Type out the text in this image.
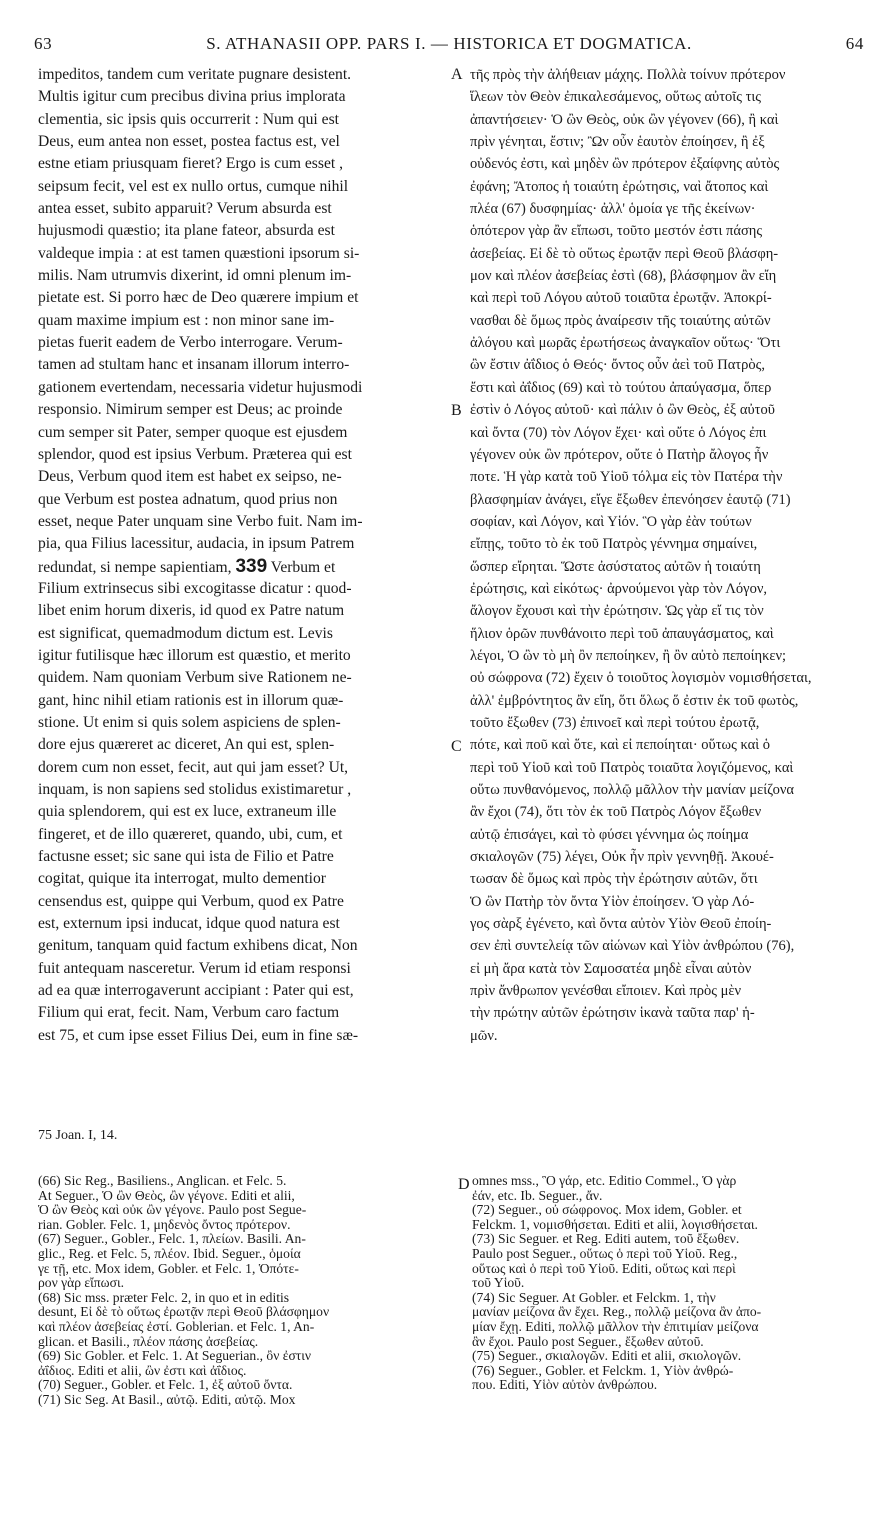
63	S. ATHANASII OPP. PARS I. — HISTORICA ET DOGMATICA.	64
impeditos, tandem cum veritate pugnare desistent.
Multis igitur cum precibus divina prius implorata
clementia, sic ipsis quis occurrerit : Num qui est
Deus, eum antea non esset, postea factus est, vel
estne etiam priusquam fieret? Ergo is cum esset ,
seipsum fecit, vel est ex nullo ortus, cumque nihil
antea esset, subito apparuit? Verum absurda est
hujusmodi quæstio; ita plane fateor, absurda est
valdeque impia : at est tamen quæstioni ipsorum si-
milis. Nam utrumvis dixerint, id omni plenum im-
pietate est. Si porro hæc de Deo quærere impium et
quam maxime impium est : non minor sane im-
pietas fuerit eadem de Verbo interrogare. Verum-
tamen ad stultam hanc et insanam illorum interro-
gationem evertendam, necessaria videtur hujusmodi
responsio. Nimirum semper est Deus; ac proinde
cum semper sit Pater, semper quoque est ejusdem
splendor, quod est ipsius Verbum. Præterea qui est
Deus, Verbum quod item est habet ex seipso, ne-
que Verbum est postea adnatum, quod prius non
esset, neque Pater unquam sine Verbo fuit. Nam im-
pia, qua Filius lacessitur, audacia, in ipsum Patrem
redundat, si nempe sapientiam, 339 Verbum et
Filium extrinsecus sibi excogitasse dicatur : quod-
libet enim horum dixeris, id quod ex Patre natum
est significat, quemadmodum dictum est. Levis
igitur futilisque hæc illorum est quæstio, et merito
quidem. Nam quoniam Verbum sive Rationem ne-
gant, hinc nihil etiam rationis est in illorum quæ-
stione. Ut enim si quis solem aspiciens de splen-
dore ejus quæreret ac diceret, An qui est, splen-
dorem cum non esset, fecit, aut qui jam esset? Ut,
inquam, is non sapiens sed stolidus existimaretur ,
quia splendorem, qui est ex luce, extraneum ille
fingeret, et de illo quæreret, quando, ubi, cum, et
factusne esset; sic sane qui ista de Filio et Patre
cogitat, quique ita interrogat, multo dementior
censendus est, quippe qui Verbum, quod ex Patre
est, externum ipsi inducat, idque quod natura est
genitum, tanquam quid factum exhibens dicat, Non
fuit antequam nasceretur. Verum id etiam responsi
ad ea quæ interrogaverunt accipiant : Pater qui est,
Filium qui erat, fecit. Nam, Verbum caro factum
est 75, et cum ipse esset Filius Dei, eum in fine sæ-
τῆς πρὸς τὴν ἀλήθειαν μάχης. Πολλὰ τοίνυν πρότερον
ἵλεων τὸν Θεὸν ἐπικαλεσάμενος, οὕτως αὐτοῖς τις
ἀπαντήσειεν· Ὁ ὢν Θεὸς, οὐκ ὢν γέγονεν (66), ἢ καὶ
πρὶν γένηται, ἔστιν; Ὢν οὖν ἑαυτὸν ἐποίησεν, ἢ ἐξ
οὐδενός ἐστι, καὶ μηδὲν ὢν πρότερον ἐξαίφνης αὐτὸς
ἐφάνη; Ἄτοπος ἡ τοιαύτη ἐρώτησις, ναὶ ἄτοπος καὶ
πλέα (67) δυσφημίας· ἀλλ' ὁμοία γε τῆς ἐκείνων·
ὁπότερον γὰρ ἂν εἴπωσι, τοῦτο μεστόν ἐστι πάσης
ἀσεβείας. Εἰ δὲ τὸ οὕτως ἐρωτᾷν περὶ Θεοῦ βλάσφη-
μον καὶ πλέον ἀσεβείας ἐστὶ (68), βλάσφημον ἂν εἴη
καὶ περὶ τοῦ Λόγου αὐτοῦ τοιαῦτα ἐρωτᾷν. Ἀποκρί-
νασθαι δὲ ὅμως πρὸς ἀναίρεσιν τῆς τοιαύτης αὐτῶν
ἀλόγου καὶ μωρᾶς ἐρωτήσεως ἀναγκαῖον οὕτως· Ὅτι
ὢν ἔστιν ἀΐδιος ὁ Θεός· ὄντος οὖν ἀεὶ τοῦ Πατρὸς,
ἔστι καὶ ἀΐδιος (69) καὶ τὸ τούτου ἀπαύγασμα, ὅπερ
ἐστὶν ὁ Λόγος αὐτοῦ· καὶ πάλιν ὁ ὢν Θεὸς, ἐξ αὐτοῦ
καὶ ὄντα (70) τὸν Λόγον ἔχει· καὶ οὔτε ὁ Λόγος ἐπι
γέγονεν οὐκ ὢν πρότερον, οὔτε ὁ Πατὴρ ἄλογος ἦν
ποτε. Ἡ γὰρ κατὰ τοῦ Υἱοῦ τόλμα εἰς τὸν Πατέρα τὴν
βλασφημίαν ἀνάγει, εἴγε ἔξωθεν ἐπενόησεν ἑαυτῷ (71)
σοφίαν, καὶ Λόγον, καὶ Υἱόν. Ὃ γὰρ ἐὰν τούτων
εἴπῃς, τοῦτο τὸ ἐκ τοῦ Πατρὸς γέννημα σημαίνει,
ὥσπερ εἴρηται. Ὥστε ἀσύστατος αὐτῶν ἡ τοιαύτη
ἐρώτησις, καὶ εἰκότως· ἀρνούμενοι γὰρ τὸν Λόγον,
ἄλογον ἔχουσι καὶ τὴν ἐρώτησιν. Ὡς γὰρ εἴ τις τὸν
ἥλιον ὁρῶν πυνθάνοιτο περὶ τοῦ ἀπαυγάσματος, καὶ
λέγοι, Ὁ ὢν τὸ μὴ ὂν πεποίηκεν, ἢ ὂν αὐτὸ πεποίηκεν;
οὐ σώφρονα (72) ἔχειν ὁ τοιοῦτος λογισμὸν νομισθήσεται,
ἀλλ' ἐμβρόντητος ἂν εἴη, ὅτι ὅλως ὅ ἐστιν ἐκ τοῦ φωτὸς,
τοῦτο ἔξωθεν (73) ἐπινοεῖ καὶ περὶ τούτου ἐρωτᾷ,
πότε, καὶ ποῦ καὶ ὅτε, καὶ εἰ πεποίηται· οὕτως καὶ ὁ
περὶ τοῦ Υἱοῦ καὶ τοῦ Πατρὸς τοιαῦτα λογιζόμενος, καὶ
οὕτω πυνθανόμενος, πολλῷ μᾶλλον τὴν μανίαν μείζονα
ἂν ἔχοι (74), ὅτι τὸν ἐκ τοῦ Πατρὸς Λόγον ἔξωθεν
αὐτῷ ἐπισάγει, καὶ τὸ φύσει γέννημα ὡς ποίημα
σκιαλογῶν (75) λέγει, Οὐκ ἦν πρὶν γεννηθῇ. Ἀκουέ-
τωσαν δὲ ὅμως καὶ πρὸς τὴν ἐρώτησιν αὐτῶν, ὅτι
Ὁ ὢν Πατὴρ τὸν ὄντα Υἱὸν ἐποίησεν. Ὁ γὰρ Λό-
γος σὰρξ ἐγένετο, καὶ ὄντα αὐτὸν Υἱὸν Θεοῦ ἐποίη-
σεν ἐπὶ συντελείᾳ τῶν αἰώνων καὶ Υἱὸν ἀνθρώπου (76),
εἰ μὴ ἄρα κατὰ τὸν Σαμοσατέα μηδὲ εἶναι αὐτὸν
πρὶν ἄνθρωπον γενέσθαι εἴποιεν. Καὶ πρὸς μὲν
τὴν πρώτην αὐτῶν ἐρώτησιν ἱκανὰ ταῦτα παρ' ἡ-
μῶν.
A
B
C
D
75 Joan. I, 14.
(66) Sic Reg., Basiliens., Anglican. et Felc. 5.
At Seguer., Ὁ ὢν Θεὸς, ὢν γέγονε. Editi et alii,
Ὁ ὢν Θεὸς καὶ οὐκ ὢν γέγονε. Paulo post Segue-
rian. Gobler. Felc. 1, μηδενὸς ὄντος πρότερον.
(67) Seguer., Gobler., Felc. 1, πλείων. Basili. An-
glic., Reg. et Felc. 5, πλέον. Ibid. Seguer., ὁμοία
γε τῇ, etc. Mox idem, Gobler. et Felc. 1, Ὁπότε-
ρον γὰρ εἴπωσι.
(68) Sic mss. præter Felc. 2, in quo et in editis
desunt, Εἰ δὲ τὸ οὕτως ἐρωτᾷν περὶ Θεοῦ βλάσφημον
καὶ πλέον ἀσεβείας ἐστί. Goblerian. et Felc. 1, An-
glican. et Basili., πλέον πάσης ἀσεβείας.
(69) Sic Gobler. et Felc. 1. At Seguerian., ὂν ἐστιν
ἀΐδιος. Editi et alii, ὢν ἐστι καὶ ἀΐδιος.
(70) Seguer., Gobler. et Felc. 1, ἐξ αὐτοῦ ὄντα.
(71) Sic Seg. At Basil., αὐτῷ. Editi, αὐτῷ. Mox
omnes mss., Ὃ γάρ, etc. Editio Commel., Ὁ γὰρ
ἐάν, etc. Ib. Seguer., ἄν.
(72) Seguer., οὐ σώφρονος. Mox idem, Gobler. et
Felckm. 1, νομισθήσεται. Editi et alii, λογισθήσεται.
(73) Sic Seguer. et Reg. Editi autem, τοῦ ἔξωθεν.
Paulo post Seguer., οὕτως ὁ περὶ τοῦ Υἱοῦ. Reg.,
οὕτως καὶ ὁ περὶ τοῦ Υἱοῦ. Editi, οὕτως καὶ περὶ
τοῦ Υἱοῦ.
(74) Sic Seguer. At Gobler. et Felckm. 1, τὴν
μανίαν μείζονα ἂν ἔχει. Reg., πολλῷ μείζονα ἂν ἀπο-
μίαν ἔχῃ. Editi, πολλῷ μᾶλλον τὴν ἐπιτιμίαν μείζονα
ἂν ἔχοι. Paulo post Seguer., ἔξωθεν αὐτοῦ.
(75) Seguer., σκιαλογῶν. Editi et alii, σκιολογῶν.
(76) Seguer., Gobler. et Felckm. 1, Υἱὸν ἀνθρώ-
που. Editi, Υἱὸν αὐτὸν ἀνθρώπου.
